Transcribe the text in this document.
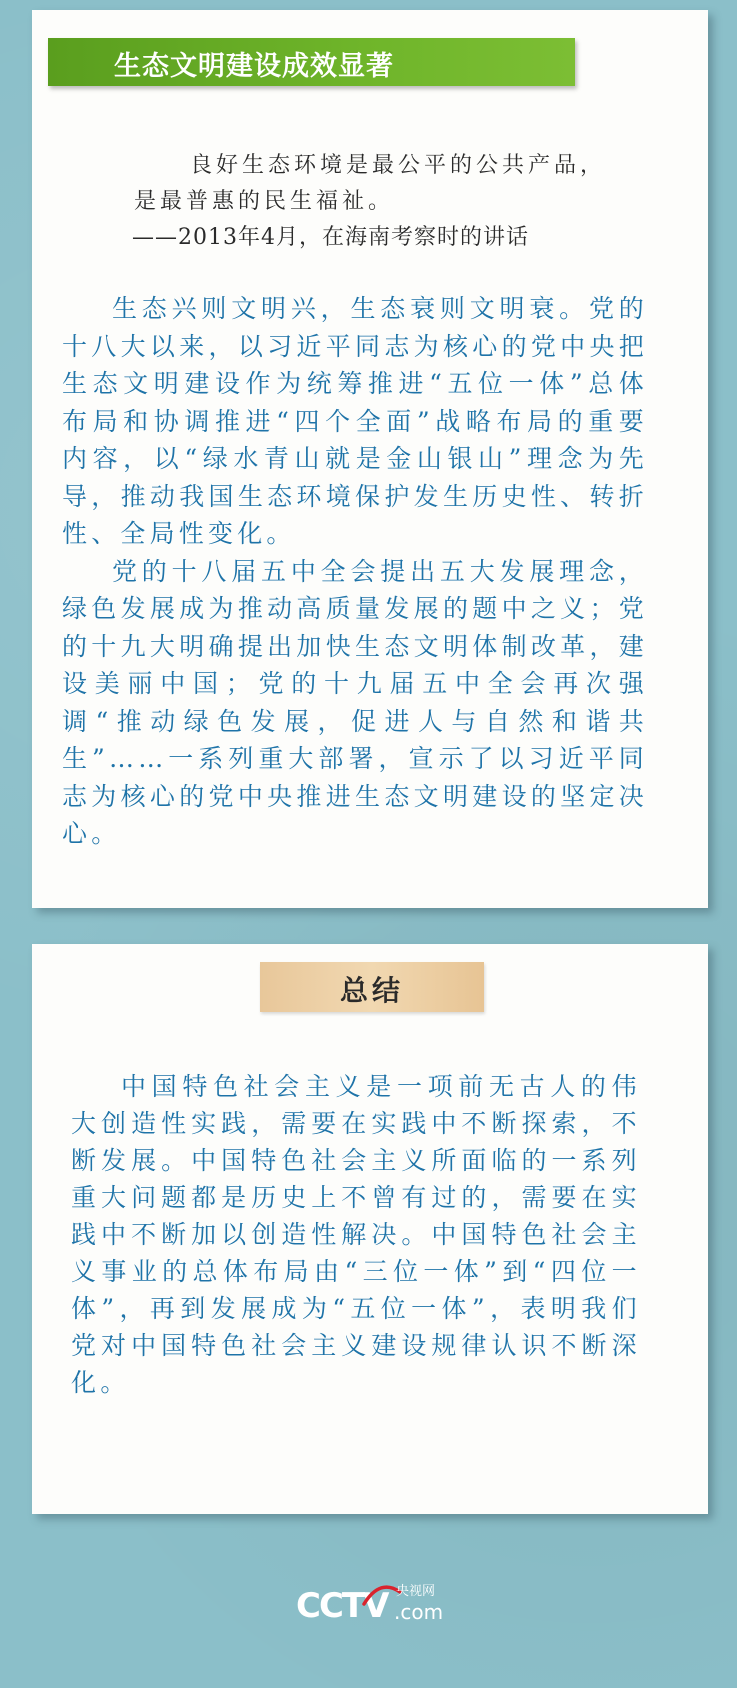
生态文明建设成效显著
良好生态环境是最公平的公共产品，
是最普惠的民生福祉。
——2013年4月，在海南考察时的讲话

生态兴则文明兴，生态衰则文明衰。党的十八大以来，以习近平同志为核心的党中央把生态文明建设作为统筹推进“五位一体”总体布局和协调推进“四个全面”战略布局的重要内容，以“绿水青山就是金山银山”理念为先导，推动我国生态环境保护发生历史性、转折性、全局性变化。

党的十八届五中全会提出五大发展理念，绿色发展成为推动高质量发展的题中之义；党的十九大明确提出加快生态文明体制改革，建设美丽中国；党的十九届五中全会再次强调“推动绿色发展，促进人与自然和谐共生”……一系列重大部署，宣示了以习近平同志为核心的党中央推进生态文明建设的坚定决心。

总结

中国特色社会主义是一项前无古人的伟大创造性实践，需要在实践中不断探索，不断发展。中国特色社会主义所面临的一系列重大问题都是历史上不曾有过的，需要在实践中不断加以创造性解决。中国特色社会主义事业的总体布局由“三位一体”到“四位一体”，再到发展成为“五位一体”，表明我们党对中国特色社会主义建设规律认识不断深化。

CCTV 央视网
.com
